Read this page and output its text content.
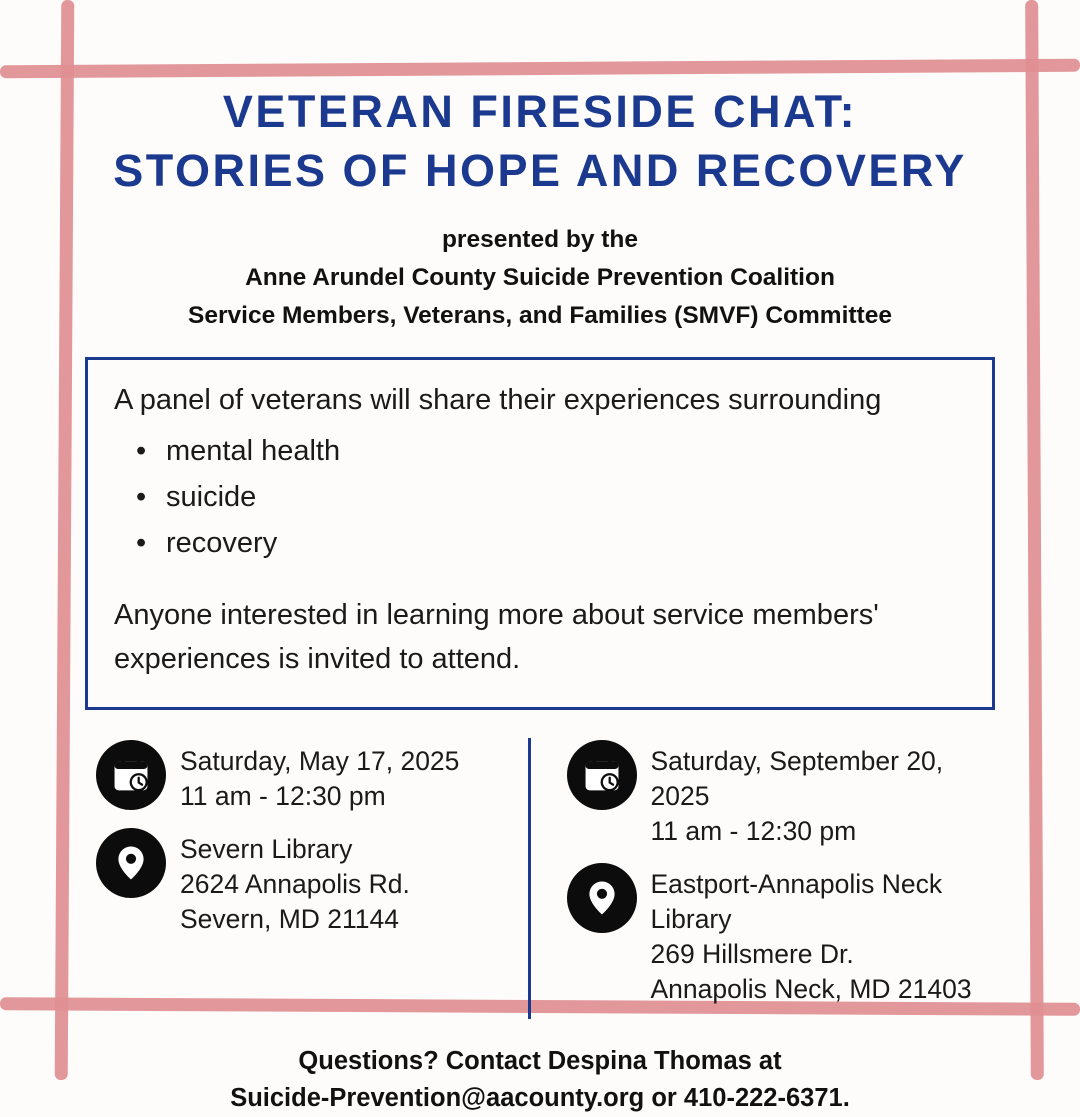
VETERAN FIRESIDE CHAT:
STORIES OF HOPE AND RECOVERY
presented by the
Anne Arundel County Suicide Prevention Coalition
Service Members, Veterans, and Families (SMVF) Committee

A panel of veterans will share their experiences surrounding

• mental health
• suicide
• recovery

Anyone interested in learning more about service members' experiences is invited to attend.

Saturday, May 17, 2025
11 am - 12:30 pm
Severn Library
2624 Annapolis Rd.
Severn, MD 21144
Saturday, September 20, 2025
11 am - 12:30 pm
Eastport-Annapolis Neck Library
269 Hillsmere Dr.
Annapolis Neck, MD 21403
Questions? Contact Despina Thomas at
Suicide-Prevention@aacounty.org or 410-222-6371.
